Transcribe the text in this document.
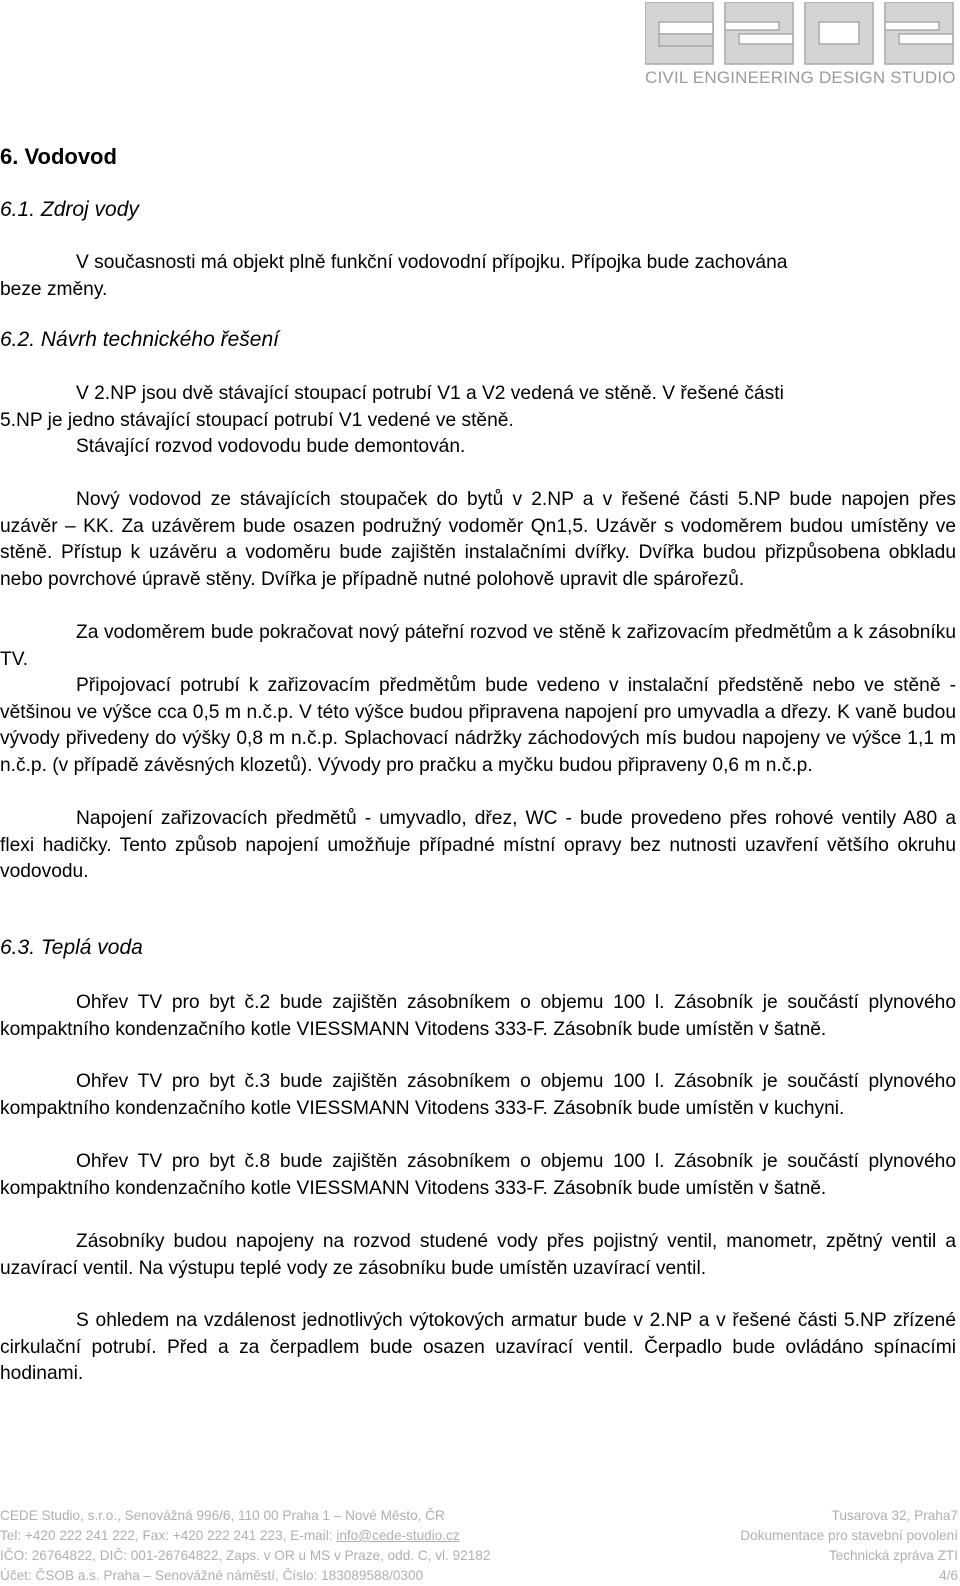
CIVIL ENGINEERING DESIGN STUDIO
6. Vodovod
6.1. Zdroj vody
V současnosti má objekt plně funkční vodovodní přípojku. Přípojka bude zachována
beze změny.
6.2. Návrh technického řešení
V 2.NP jsou dvě stávající stoupací potrubí V1 a V2 vedená ve stěně. V řešené části
5.NP je jedno stávající stoupací potrubí V1 vedené ve stěně.
Stávající rozvod vodovodu bude demontován.
Nový vodovod ze stávajících stoupaček do bytů v 2.NP a v řešené části 5.NP bude napojen přes uzávěr – KK. Za uzávěrem bude osazen podružný vodoměr Qn1,5. Uzávěr s vodoměrem budou umístěny ve stěně. Přístup k uzávěru a vodoměru bude zajištěn instalačními dvířky. Dvířka budou přizpůsobena obkladu nebo povrchové úpravě stěny. Dvířka je případně nutné polohově upravit dle spárořezů.
Za vodoměrem bude pokračovat nový páteřní rozvod ve stěně k zařizovacím předmětům a k zásobníku TV.
Připojovací potrubí k zařizovacím předmětům bude vedeno v instalační předstěně nebo ve stěně - většinou ve výšce cca 0,5 m n.č.p. V této výšce budou připravena napojení pro umyvadla a dřezy. K vaně budou vývody přivedeny do výšky 0,8 m n.č.p. Splachovací nádržky záchodových mís budou napojeny ve výšce 1,1 m n.č.p. (v případě závěsných klozetů). Vývody pro pračku a myčku budou připraveny 0,6 m n.č.p.
Napojení zařizovacích předmětů - umyvadlo, dřez, WC - bude provedeno přes rohové ventily A80 a flexi hadičky. Tento způsob napojení umožňuje případné místní opravy bez nutnosti uzavření většího okruhu vodovodu.
6.3. Teplá voda
Ohřev TV pro byt č.2 bude zajištěn zásobníkem o objemu 100 l. Zásobník je součástí plynového kompaktního kondenzačního kotle VIESSMANN Vitodens 333-F. Zásobník bude umístěn v šatně.
Ohřev TV pro byt č.3 bude zajištěn zásobníkem o objemu 100 l. Zásobník je součástí plynového kompaktního kondenzačního kotle VIESSMANN Vitodens 333-F. Zásobník bude umístěn v kuchyni.
Ohřev TV pro byt č.8 bude zajištěn zásobníkem o objemu 100 l. Zásobník je součástí plynového kompaktního kondenzačního kotle VIESSMANN Vitodens 333-F. Zásobník bude umístěn v šatně.
Zásobníky budou napojeny na rozvod studené vody přes pojistný ventil, manometr, zpětný ventil a uzavírací ventil. Na výstupu teplé vody ze zásobníku bude umístěn uzavírací ventil.
S ohledem na vzdálenost jednotlivých výtokových armatur bude v 2.NP a v řešené části 5.NP zřízené cirkulační potrubí. Před a za čerpadlem bude osazen uzavírací ventil. Čerpadlo bude ovládáno spínacími hodinami.
CEDE Studio, s.r.o., Senovážná 996/6, 110 00 Praha 1 – Nové Město, ČR	Tusarova 32, Praha7
Tel: +420 222 241 222, Fax: +420 222 241 223, E-mail: info@cede-studio.cz	Dokumentace pro stavební povolení
IČO: 26764822, DIČ: 001-26764822, Zaps. v OR u MS v Praze, odd. C, vl. 92182	Technická zpráva ZTI
Účet: ČSOB a.s. Praha – Senovážné náměstí, Číslo: 183089588/0300	4/6
